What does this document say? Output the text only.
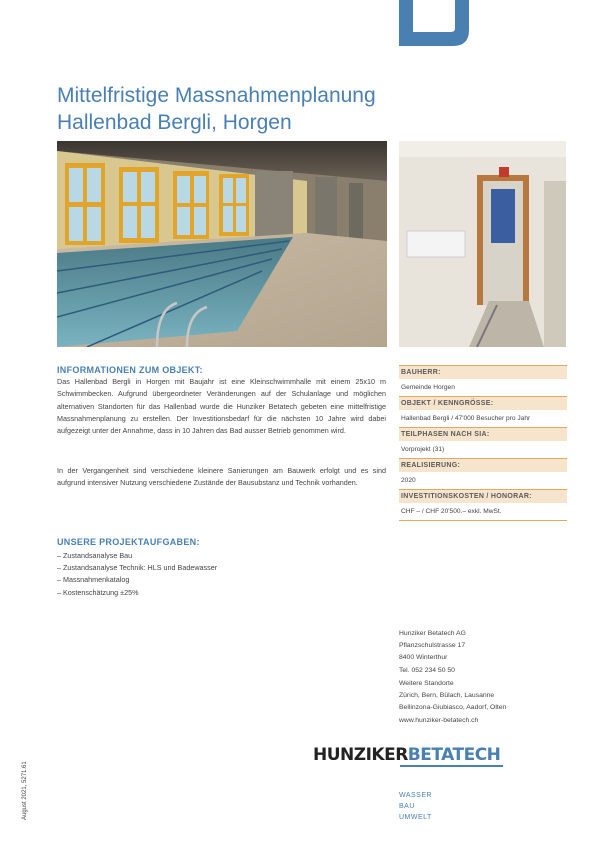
Mittelfristige Massnahmenplanung
Hallenbad Bergli, Horgen
INFORMATIONEN ZUM OBJEKT:

Das Hallenbad Bergli in Horgen mit Baujahr ist eine Kleinschwimmhalle mit einem 25x10 m Schwimmbecken. Aufgrund übergeordneter Veränderungen auf der Schulanlage und möglichen alternativen Standorten für das Hallenbad wurde die Hunziker Betatech gebeten eine mittelfristige Massnahmenplanung zu erstellen. Der Investitionsbedarf für die nächsten 10 Jahre wird dabei aufgezeigt unter der Annahme, dass in 10 Jahren das Bad ausser Betrieb genommen wird.

In der Vergangenheit sind verschiedene kleinere Sanierungen am Bauwerk erfolgt und es sind aufgrund intensiver Nutzung verschiedene Zustände der Bausubstanz und Technik vorhanden.

UNSERE PROJEKTAUFGABEN:
– Zustandsanalyse Bau
– Zustandsanalyse Technik: HLS und Badewasser
– Massnahmenkatalog
– Kostenschätzung ±25%
BAUHERR:
Gemeinde Horgen
OBJEKT / KENNGRÖSSE:
Hallenbad Bergli / 47'000 Besucher pro Jahr
TEILPHASEN NACH SIA:
Vorprojekt (31)
REALISIERUNG:
2020
INVESTITIONSKOSTEN / HONORAR:
CHF – / CHF 20'500.– exkl. MwSt.
Hunziker Betatech AG
Pflanzschulstrasse 17
8400 Winterthur
Tel. 052 234 50 50
Weitere Standorte
Zürich, Bern, Bülach, Lausanne
Bellinzona-Giubiasco, Aadorf, Olten
www.hunziker-betatech.ch
HUNZIKERBETATECH
WASSER
BAU
UMWELT
August 2021, 5271.61
